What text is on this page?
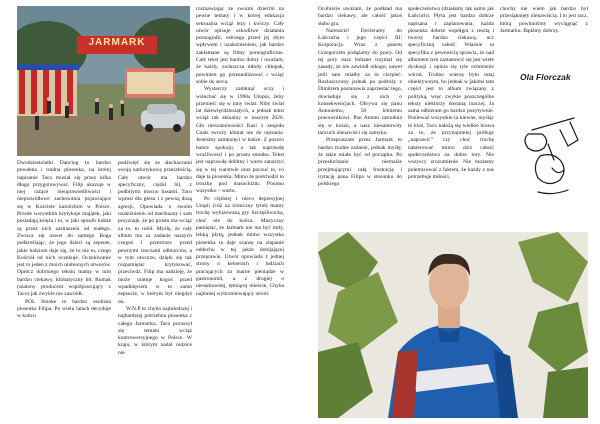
JARMARK

Dwudziestolatki Dancing to bardzo powabna i trudna piosenka, na której napisanie Taco musiał się przez kilka długo przygotowywać. Filip ukazuje w niej rażące nieuprawiedliwości i nieprawidłowe zachowania pojawiające się w Kościele katolickim w Polsce. Przede wszystkim krytykuje majątek, jaki posiadają księża i to, w jaki sposób ludzie są przez nich zastraszeni od małego. Zwraca się nawet do samego Boga podkreślając, że jego dzieci są zepsute, jakie ludziom daje się, że to nie to, czego Kościół od nich oczekuje. Oczekiwanie jest to jeden z moich ulubionych utworów. Oprócz dobrniego tekstu mamy w nim bardzo ciekawy, klimatyczny bit. Rumak (szalony producent współpracujący z Taco) jak zwykle nie zawiódł.

POL Smoke to bardzo osobista piosenka Filipa. Po wielu latach decyduje w końcu

rozmawiając ze swoimi dziećmi na pewne tematy i w której edukacja seksualna wciąż leży i kwiczy. Cały utwór opisuje szkodliwe działania pornografii, ostrzega przed jej złym wpływem i uzależnieniem, jak bardzo zakłamane są filmy pornograficzne. Cały tekst jest bardzo dobry i uważam, że każdy, zwłaszcza młody chłopak, powinien go przeanalizować i wziąć sobie do serca.

Wystarczy zamknąć oczy i wsłuchać się w 1990s Utopia, żeby przenieść się w inny świat. Niby świat lat dziewięćdziesiątych, a jednak tekst wciąż tak aktualny w naszym 2020. Gło nieszanowności Kasi z zespołu Coals tworzy klimat nie do opisania. Jesteśmy zamknięci w bańce. Z pozoru bańce spokoju, a tak naprawdę wrażliwości i po prostu smutku. Tekst jest naprawdę dobitny i warto zanurzyć się w tej warstwie oraz poczuć to, co daje ta piosenka. Mimo że podchodzi to troszkę pod masochizm. Ponimo wszystko – warto.

Po ciężkiej i nieco depresyjnej Utopii (cóż za ironiczny tytuł) mamy trochę wyluzowaną gry Szczęśliwicka, choć nie do końca. Muzyczny pamiętać, że Jarmark nie ma być miły, lekką płytą, jednak mimo wszystko piosenka ta daje szansę na złapanie oddechu w tej jakże dobijającej przeprawie. Utwór opowiada z jednej strony o kelnerach i ludziach pracujących za marne pieniądze w gastronomii, a z drugiej o niesamowitej, tętniącej mieście, Chyba najmniej wybrzmiewający utwór.

podźwięć się ze słuchaczami swoją narkotykową przeszłością. Cały utwór ma bardzo specyficzny, ciężki bit, z podbitymi mocno basami. Taco wprost dla głosu i z pewną dozą agresji. Opowiada o swoim uzależnieniu od marihuany i sam przyznaje, że po prostu ma wciąż za to, to robił. Myślę, że cały album ma za zadanie naszych czegoś i przestrzec przed pewnymi rzeczami odbiorców, a w tym utworze, dzięki się tak rozpamiętać krytykować, przeciwdz. Filip ma nadzieję, że może uratuje kogoś przed wpadnięciem w to samo zepsucie, w którym był niegdyś on.

W.N.P to chyba najmłodszej i najbardziej potrzebna piosenka z całego Jarmarku. Taco poruszył się tematu wciąż kontrowersyjnego w Polsce. W kraju, w którym nadal rodzice nie

Ocobiście uważam, że podkład ma bardzo ciekawy, ale całość jakoś słabo gra.

Nareszcie! Docieramy do Łańcucha i jego części III: Korporacja. Wraz z panem Grzegorzem podążamy do pracy. Od tej pory nasz bohater trzymał się zasady, że nie zawiódł nikogo, nawet jeśli sam miałby za to cierpieć. Rozłuszczony jednak po podróży z Dimitrem postanawia zaprzestać tego, dowiaduje się z nich o konsekwencjach. Obrywa się panu Antoniemu, 58 letniemu pracownikowi. Pan Antoni zatrudnia się w koszu, a nasz niesamowity łańcuch nienawiści się zamyka.

Przepraszam przez Jarmark to bardzo trudne zadanie, jednak myślę, że takie miało być od początku. Po przesłuchaniu niemalże przejmującymi całą frustrację i irytację pana Filipa w stosunku do polskiego

społeczeństwa (działamy tak samo jak Łańcuch). Płyta jest bardzo dobrze napisana i zaplanowana, każda piosenka dobrze współgra z resztą i tworzy bardzo ciekawą, acz specyficzną całość. Właśnie ta specyfika z pewnością sprawia, że nad albumem tym zastanowić się jest wiele dyskusji i opinia się tyle ochmienie wśród. Trudno wierzę było tutaj obiektywnym, bo jednak w jakimś tam części jest to album związany z polityką, więc zwykle poszczególne teksty niektórzy dostaną inaczej. Ja sama odbieram go bardzo pozytywnie. Ponieważ wszystkie ta kiewne, myśląc to ktoś, Taco nałożą się wielkie brawa za to, że przynajmniej próbuje „naprawić” czy choć trochę nakierować mimo dziś całość społeczeństwa na dobre tory. Nie wszyscy zrozumienie. Nie możemy polemizować z faktem, że każdy z nas potrzebuje miłości,

chochy nie wiem jak bardzo był przesiąknięty nienawiścią. I to jest racz, którą powinniśmy wyciągnąć z Jarmarku. Bądźmy dobrzy.

Ola Florczak
